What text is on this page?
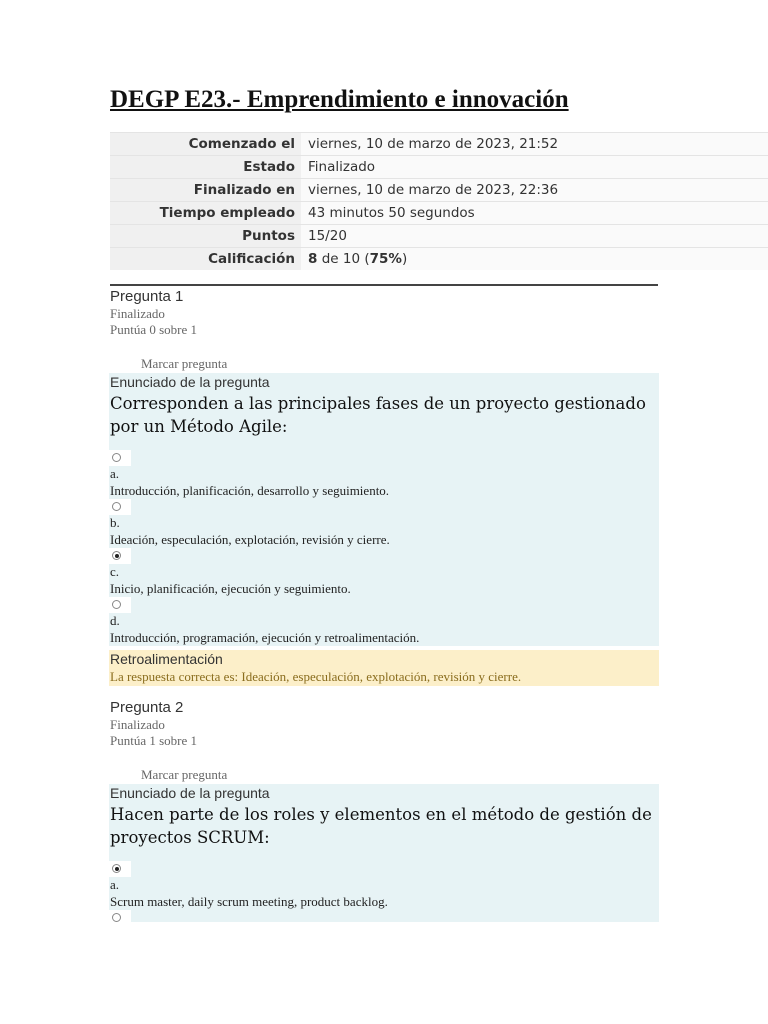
DEGP E23.- Emprendimiento e innovación
Comenzado el	viernes, 10 de marzo de 2023, 21:52
Estado	Finalizado
Finalizado en	viernes, 10 de marzo de 2023, 22:36
Tiempo empleado	43 minutos 50 segundos
Puntos	15/20
Calificación	8 de 10 (75%)
Pregunta 1
Finalizado
Puntúa 0 sobre 1
Marcar pregunta
Enunciado de la pregunta
Corresponden a las principales fases de un proyecto gestionado por un Método Agile:
a.
Introducción, planificación, desarrollo y seguimiento.
b.
Ideación, especulación, explotación, revisión y cierre.
c.
Inicio, planificación, ejecución y seguimiento.
d.
Introducción, programación, ejecución y retroalimentación.
Retroalimentación
La respuesta correcta es: Ideación, especulación, explotación, revisión y cierre.
Pregunta 2
Finalizado
Puntúa 1 sobre 1
Marcar pregunta
Enunciado de la pregunta
Hacen parte de los roles y elementos en el método de gestión de proyectos SCRUM:
a.
Scrum master, daily scrum meeting, product backlog.
